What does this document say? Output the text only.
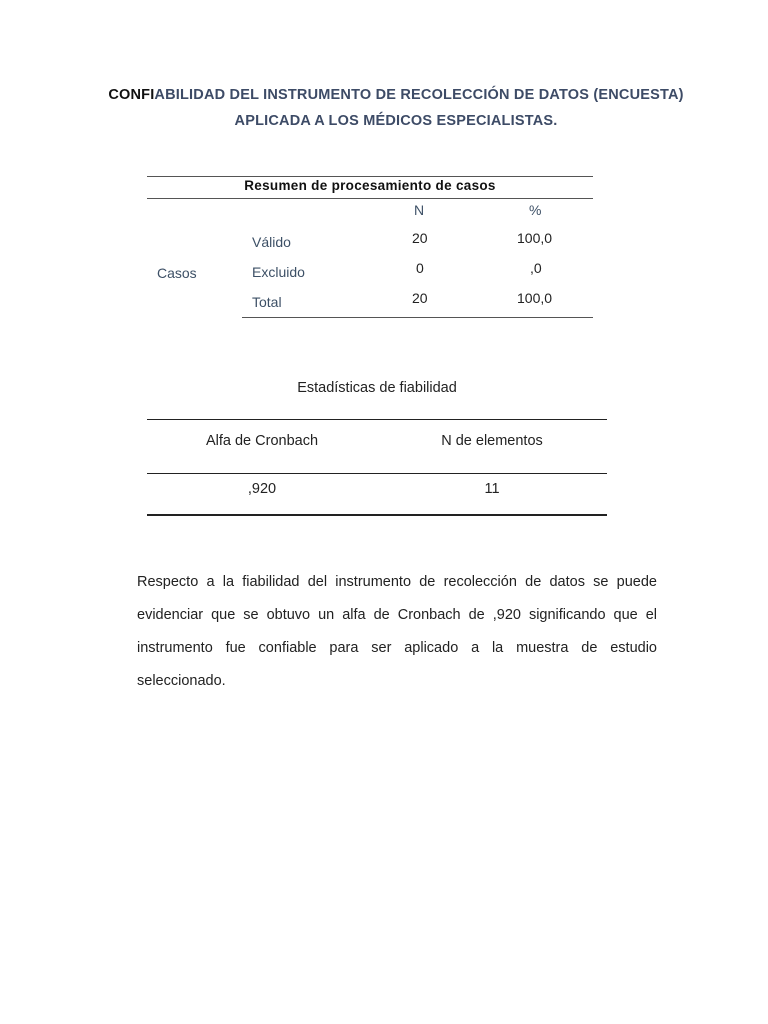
CONFIABILIDAD DEL INSTRUMENTO DE RECOLECCIÓN DE DATOS (ENCUESTA) APLICADA A LOS MÉDICOS ESPECIALISTAS.
Resumen de procesamiento de casos
N	%
Casos
Válido	20	100,0
Excluido	0	,0
Total	20	100,0
Estadísticas de fiabilidad
Alfa de Cronbach	N de elementos
,920	11

Respecto a la fiabilidad del instrumento de recolección de datos se puede evidenciar que se obtuvo un alfa de Cronbach de ,920 significando que el instrumento fue confiable para ser aplicado a la muestra de estudio seleccionado.
